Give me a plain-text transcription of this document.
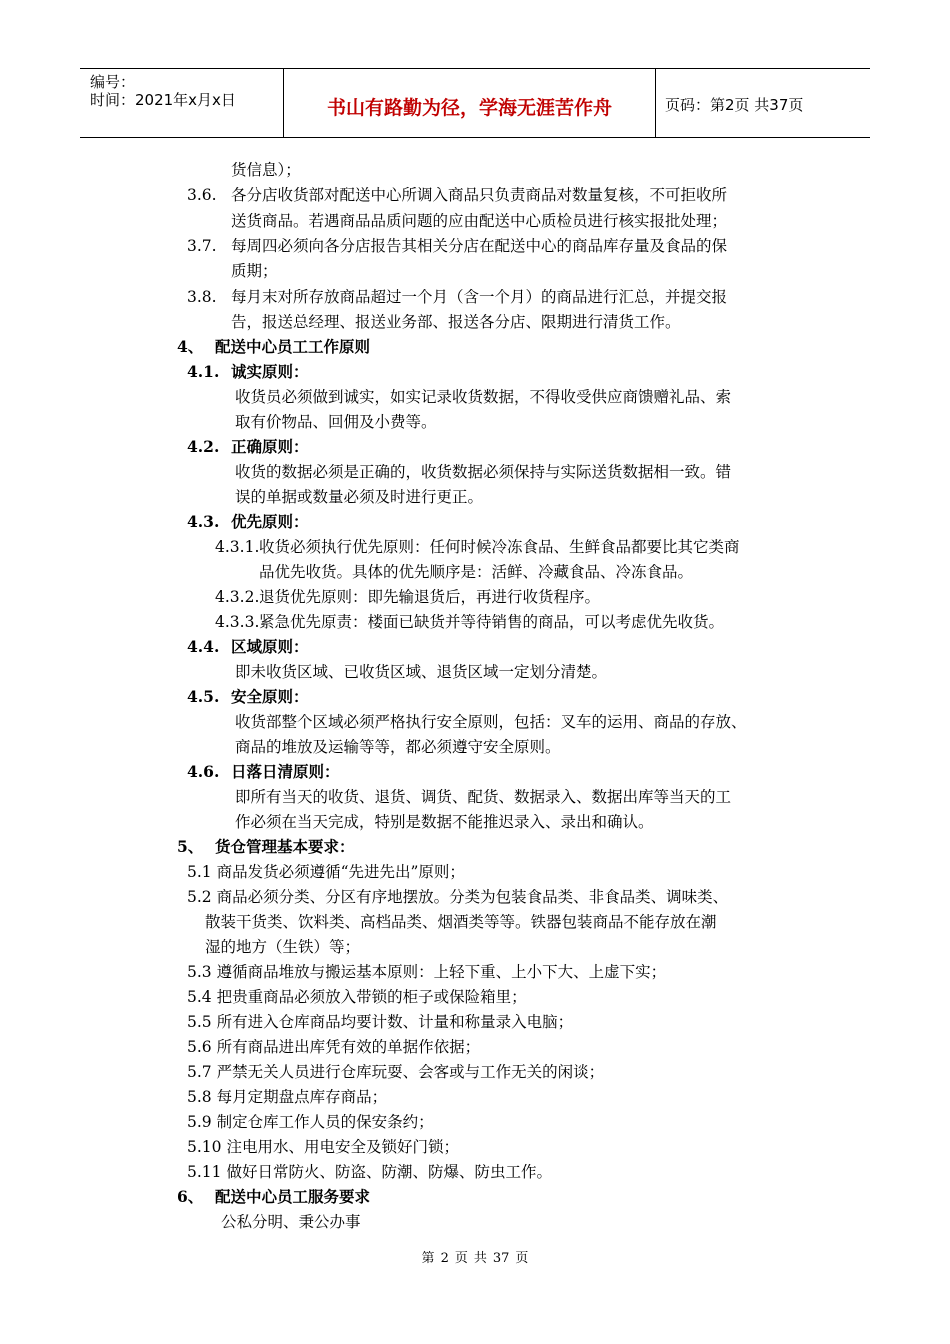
编号：
时间：2021年x月x日	书山有路勤为径，学海无涯苦作舟	页码：第2页 共37页
货信息）；
3.6. 各分店收货部对配送中心所调入商品只负责商品对数量复核，不可拒收所
送货商品。若遇商品品质问题的应由配送中心质检员进行核实报批处理；
3.7. 每周四必须向各分店报告其相关分店在配送中心的商品库存量及食品的保
质期；
3.8. 每月末对所存放商品超过一个月（含一个月）的商品进行汇总，并提交报
告，报送总经理、报送业务部、报送各分店、限期进行清货工作。
4、 配送中心员工工作原则
4.1. 诚实原则：
收货员必须做到诚实，如实记录收货数据，不得收受供应商馈赠礼品、索
取有价物品、回佣及小费等。
4.2. 正确原则：
收货的数据必须是正确的，收货数据必须保持与实际送货数据相一致。错
误的单据或数量必须及时进行更正。
4.3. 优先原则：
4.3.1. 收货必须执行优先原则：任何时候冷冻食品、生鲜食品都要比其它类商
品优先收货。具体的优先顺序是：活鲜、冷藏食品、冷冻食品。
4.3.2. 退货优先原则：即先输退货后，再进行收货程序。
4.3.3. 紧急优先原责：楼面已缺货并等待销售的商品，可以考虑优先收货。
4.4. 区域原则：
即未收货区域、已收货区域、退货区域一定划分清楚。
4.5. 安全原则：
收货部整个区域必须严格执行安全原则，包括：叉车的运用、商品的存放、
商品的堆放及运输等等，都必须遵守安全原则。
4.6. 日落日清原则：
即所有当天的收货、退货、调货、配货、数据录入、数据出库等当天的工
作必须在当天完成，特别是数据不能推迟录入、录出和确认。
5、 货仓管理基本要求：
5.1 商品发货必须遵循“先进先出”原则；
5.2 商品必须分类、分区有序地摆放。分类为包装食品类、非食品类、调味类、
散装干货类、饮料类、高档品类、烟酒类等等。铁器包装商品不能存放在潮
湿的地方（生铁）等；
5.3 遵循商品堆放与搬运基本原则：上轻下重、上小下大、上虚下实；
5.4 把贵重商品必须放入带锁的柜子或保险箱里；
5.5 所有进入仓库商品均要计数、计量和称量录入电脑；
5.6 所有商品进出库凭有效的单据作依据；
5.7 严禁无关人员进行仓库玩耍、会客或与工作无关的闲谈；
5.8 每月定期盘点库存商品；
5.9 制定仓库工作人员的保安条约；
5.10 注电用水、用电安全及锁好门锁；
5.11 做好日常防火、防盗、防潮、防爆、防虫工作。
6、 配送中心员工服务要求
公私分明、秉公办事
第 2 页 共 37 页
